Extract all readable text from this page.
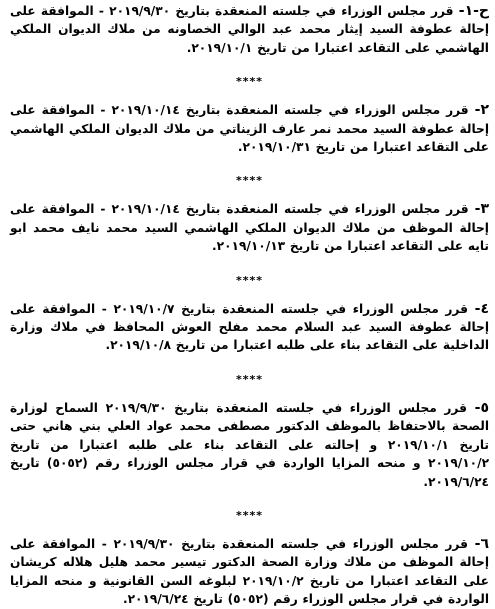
ح-١- قرر مجلس الوزراء في جلسته المنعقدة بتاريخ ٢٠١٩/٩/٣٠ - الموافقة على إحالة عطوفة السيد إيثار محمد عبد الوالي الخصاونه من ملاك الديوان الملكي الهاشمي على التقاعد اعتبارا من تاريخ ٢٠١٩/١٠/١.

****

٢- قرر مجلس الوزراء في جلسته المنعقدة بتاريخ ٢٠١٩/١٠/١٤ - الموافقة على إحالة عطوفة السيد محمد نمر عارف الزيناتي من ملاك الديوان الملكي الهاشمي على التقاعد اعتبارا من تاريخ ٢٠١٩/١٠/٣١.

****

٣- قرر مجلس الوزراء في جلسته المنعقدة بتاريخ ٢٠١٩/١٠/١٤ - الموافقة على إحالة الموظف من ملاك الديوان الملكي الهاشمي السيد محمد نايف محمد ابو تايه على التقاعد اعتبارا من تاريخ ٢٠١٩/١٠/١٣.

****

٤- قرر مجلس الوزراء في جلسته المنعقدة بتاريخ ٢٠١٩/١٠/٧ - الموافقة على إحالة عطوفة السيد عبد السلام محمد مفلح العوش المحافظ في ملاك وزارة الداخلية على التقاعد بناء على طلبه اعتبارا من تاريخ ٢٠١٩/١٠/٨.

****

٥- قرر مجلس الوزراء في جلسته المنعقدة بتاريخ ٢٠١٩/٩/٣٠ السماح لوزارة الصحة بالاحتفاظ بالموظف الدكتور مصطفى محمد عواد العلي بني هاني حتى تاريخ ٢٠١٩/١٠/١ و إحالته على التقاعد بناء على طلبه اعتبارا من تاريخ ٢٠١٩/١٠/٢ و منحه المزايا الواردة في قرار مجلس الوزراء رقم (٥٠٥٢) تاريخ ٢٠١٩/٦/٢٤.

****

٦- قرر مجلس الوزراء في جلسته المنعقدة بتاريخ ٢٠١٩/٩/٣٠ - الموافقة على إحالة الموظف من ملاك وزارة الصحة الدكتور تيسير محمد هليل هلاله كريشان على التقاعد اعتبارا من تاريخ ٢٠١٩/١٠/٢ لبلوغه السن القانونية و منحه المزايا الواردة في قرار مجلس الوزراء رقم (٥٠٥٢) تاريخ ٢٠١٩/٦/٢٤.
